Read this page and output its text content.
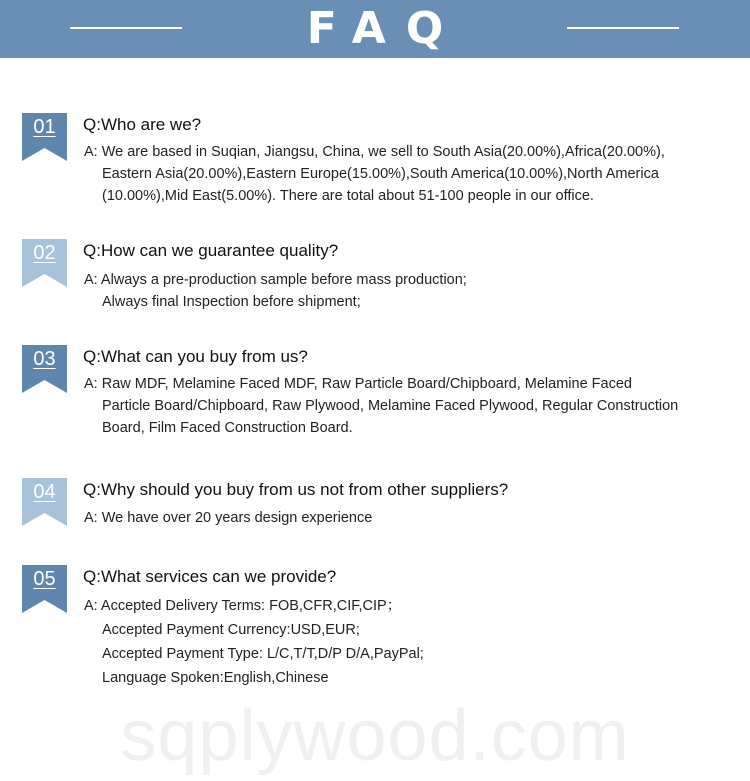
FAQ
01	Q:Who are we?
A: We are based in Suqian, Jiangsu, China, we sell to South Asia(20.00%),Africa(20.00%),
Eastern Asia(20.00%),Eastern Europe(15.00%),South America(10.00%),North America
(10.00%),Mid East(5.00%). There are total about 51-100 people in our office.
02	Q:How can we guarantee quality?
A: Always a pre-production sample before mass production;
Always final Inspection before shipment;
03	Q:What can you buy from us?
A: Raw MDF, Melamine Faced MDF, Raw Particle Board/Chipboard, Melamine Faced
Particle Board/Chipboard, Raw Plywood, Melamine Faced Plywood, Regular Construction
Board, Film Faced Construction Board.
04	Q:Why should you buy from us not from other suppliers?
A: We have over 20 years design experience
05	Q:What services can we provide?
A: Accepted Delivery Terms: FOB,CFR,CIF,CIP；
Accepted Payment Currency:USD,EUR;
Accepted Payment Type: L/C,T/T,D/P D/A,PayPal;
Language Spoken:English,Chinese
sqplywood.com
